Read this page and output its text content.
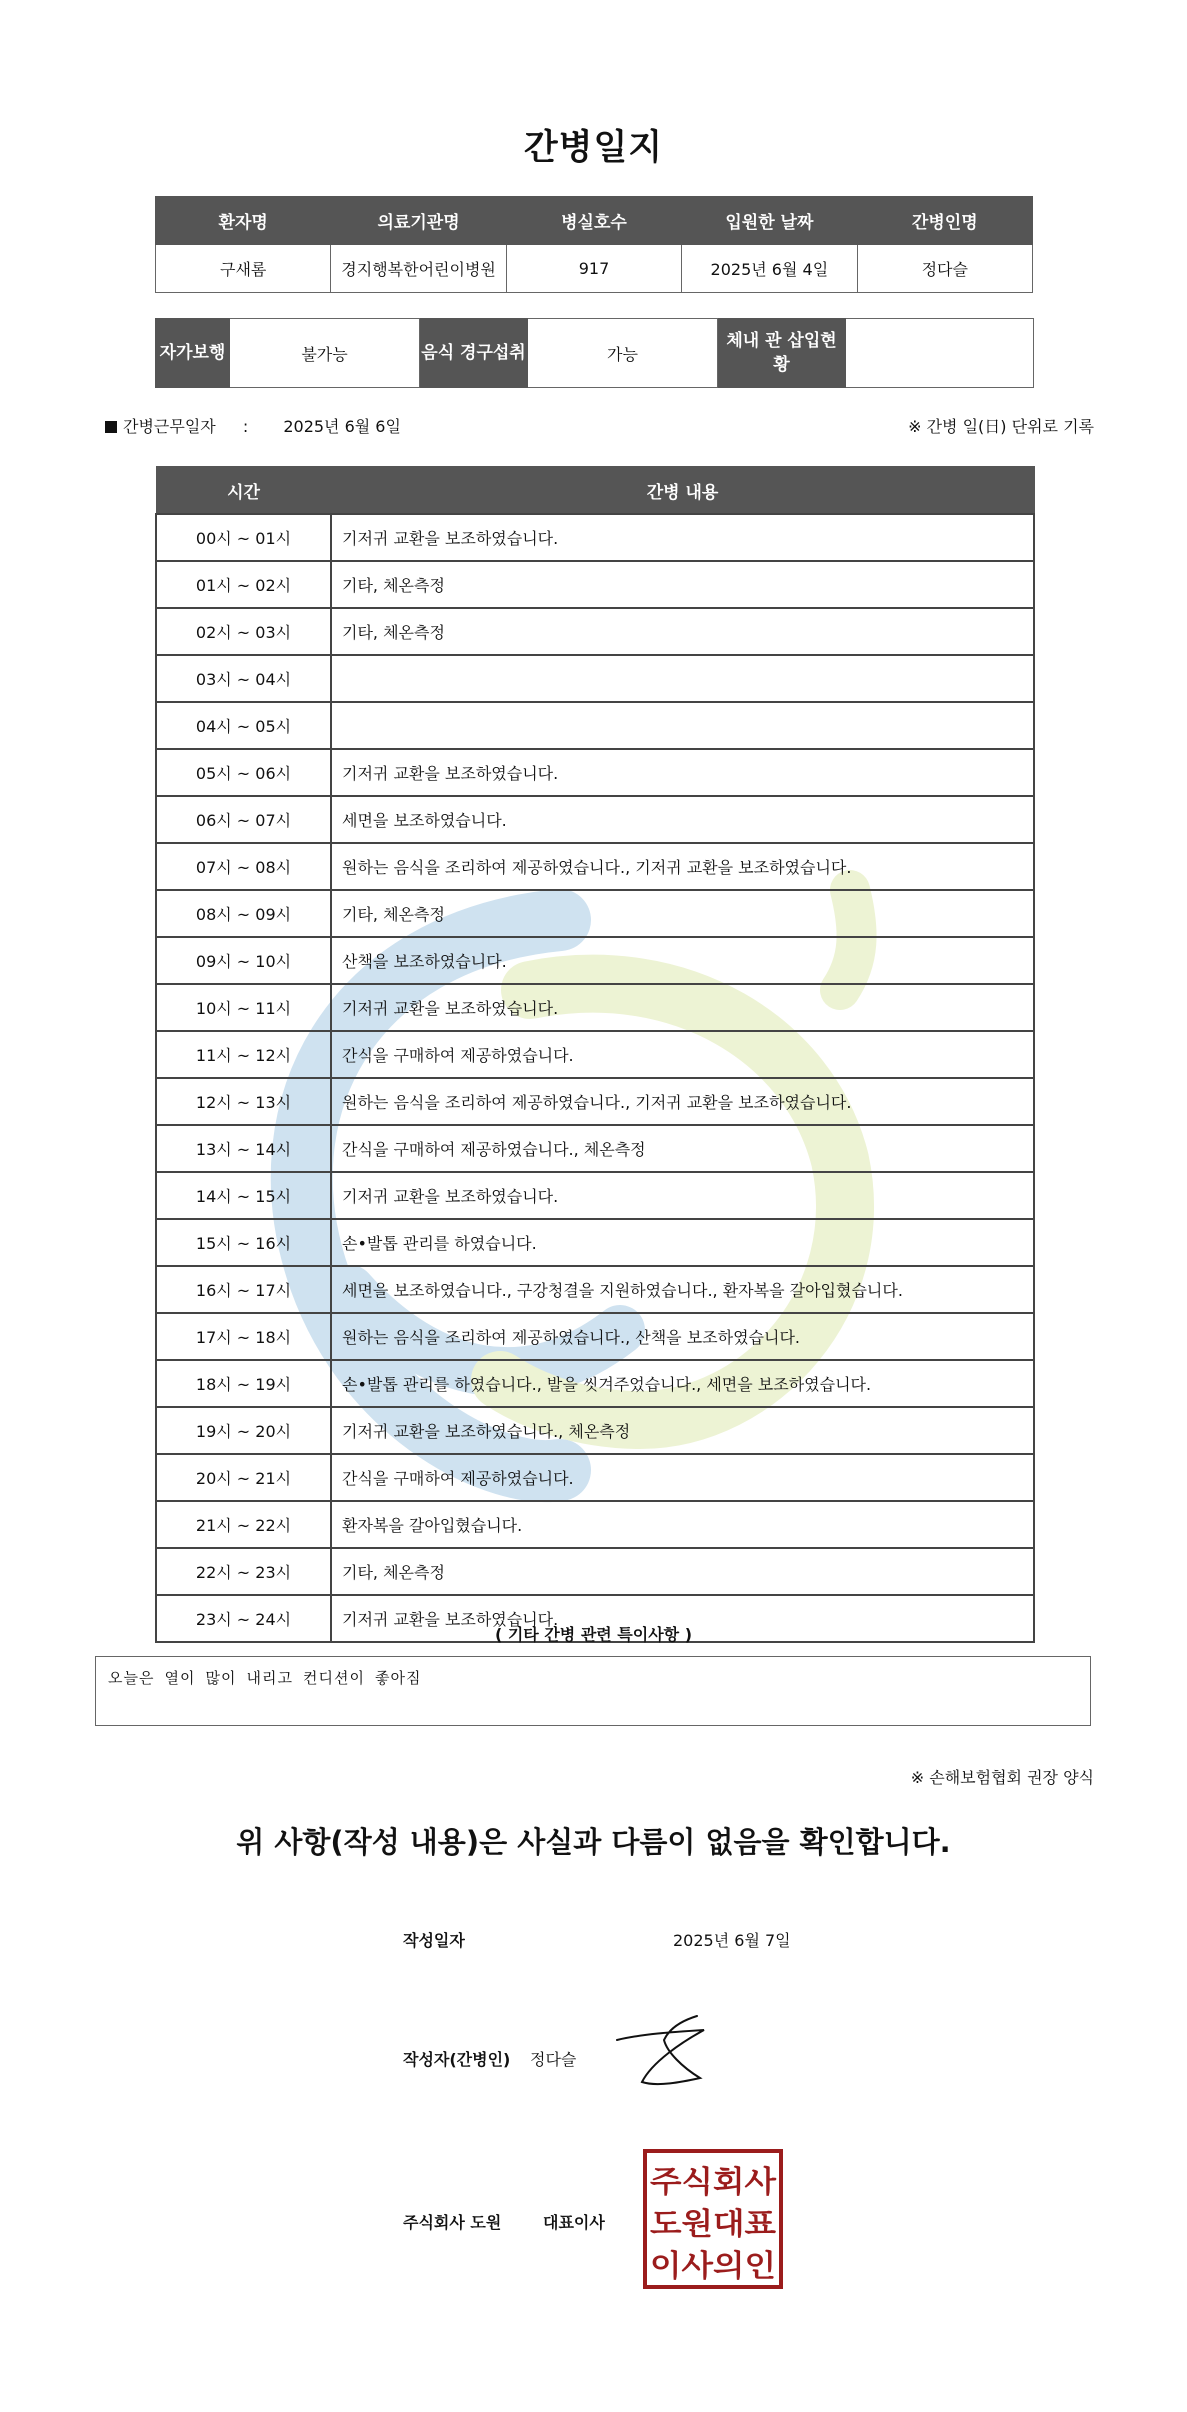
간병일지
환자명	의료기관명	병실호수	입원한 날짜	간병인명
구새롬	경지행복한어린이병원	917	2025년 6월 4일	정다슬
자가보행	불가능	음식 경구섭취	가능	체내 관 삽입현황	
간병근무일자 : 2025년 6월 6일	※ 간병 일(日) 단위로 기록
시간	간병 내용
00시 ~ 01시	기저귀 교환을 보조하였습니다.
01시 ~ 02시	기타, 체온측정
02시 ~ 03시	기타, 체온측정
03시 ~ 04시	
04시 ~ 05시	
05시 ~ 06시	기저귀 교환을 보조하였습니다.
06시 ~ 07시	세면을 보조하였습니다.
07시 ~ 08시	원하는 음식을 조리하여 제공하였습니다., 기저귀 교환을 보조하였습니다.
08시 ~ 09시	기타, 체온측정
09시 ~ 10시	산책을 보조하였습니다.
10시 ~ 11시	기저귀 교환을 보조하였습니다.
11시 ~ 12시	간식을 구매하여 제공하였습니다.
12시 ~ 13시	원하는 음식을 조리하여 제공하였습니다., 기저귀 교환을 보조하였습니다.
13시 ~ 14시	간식을 구매하여 제공하였습니다., 체온측정
14시 ~ 15시	기저귀 교환을 보조하였습니다.
15시 ~ 16시	손•발톱 관리를 하였습니다.
16시 ~ 17시	세면을 보조하였습니다., 구강청결을 지원하였습니다., 환자복을 갈아입혔습니다.
17시 ~ 18시	원하는 음식을 조리하여 제공하였습니다., 산책을 보조하였습니다.
18시 ~ 19시	손•발톱 관리를 하였습니다., 발을 씻겨주었습니다., 세면을 보조하였습니다.
19시 ~ 20시	기저귀 교환을 보조하였습니다., 체온측정
20시 ~ 21시	간식을 구매하여 제공하였습니다.
21시 ~ 22시	환자복을 갈아입혔습니다.
22시 ~ 23시	기타, 체온측정
23시 ~ 24시	기저귀 교환을 보조하였습니다.
( 기타 간병 관련 특이사항 )
오늘은 열이 많이 내리고 컨디션이 좋아짐
※ 손해보험협회 권장 양식
위 사항(작성 내용)은 사실과 다름이 없음을 확인합니다.
작성일자	2025년 6월 7일
작성자(간병인) 정다슬
주식회사 도원	대표이사
주식회사
도원대표
이사의인
